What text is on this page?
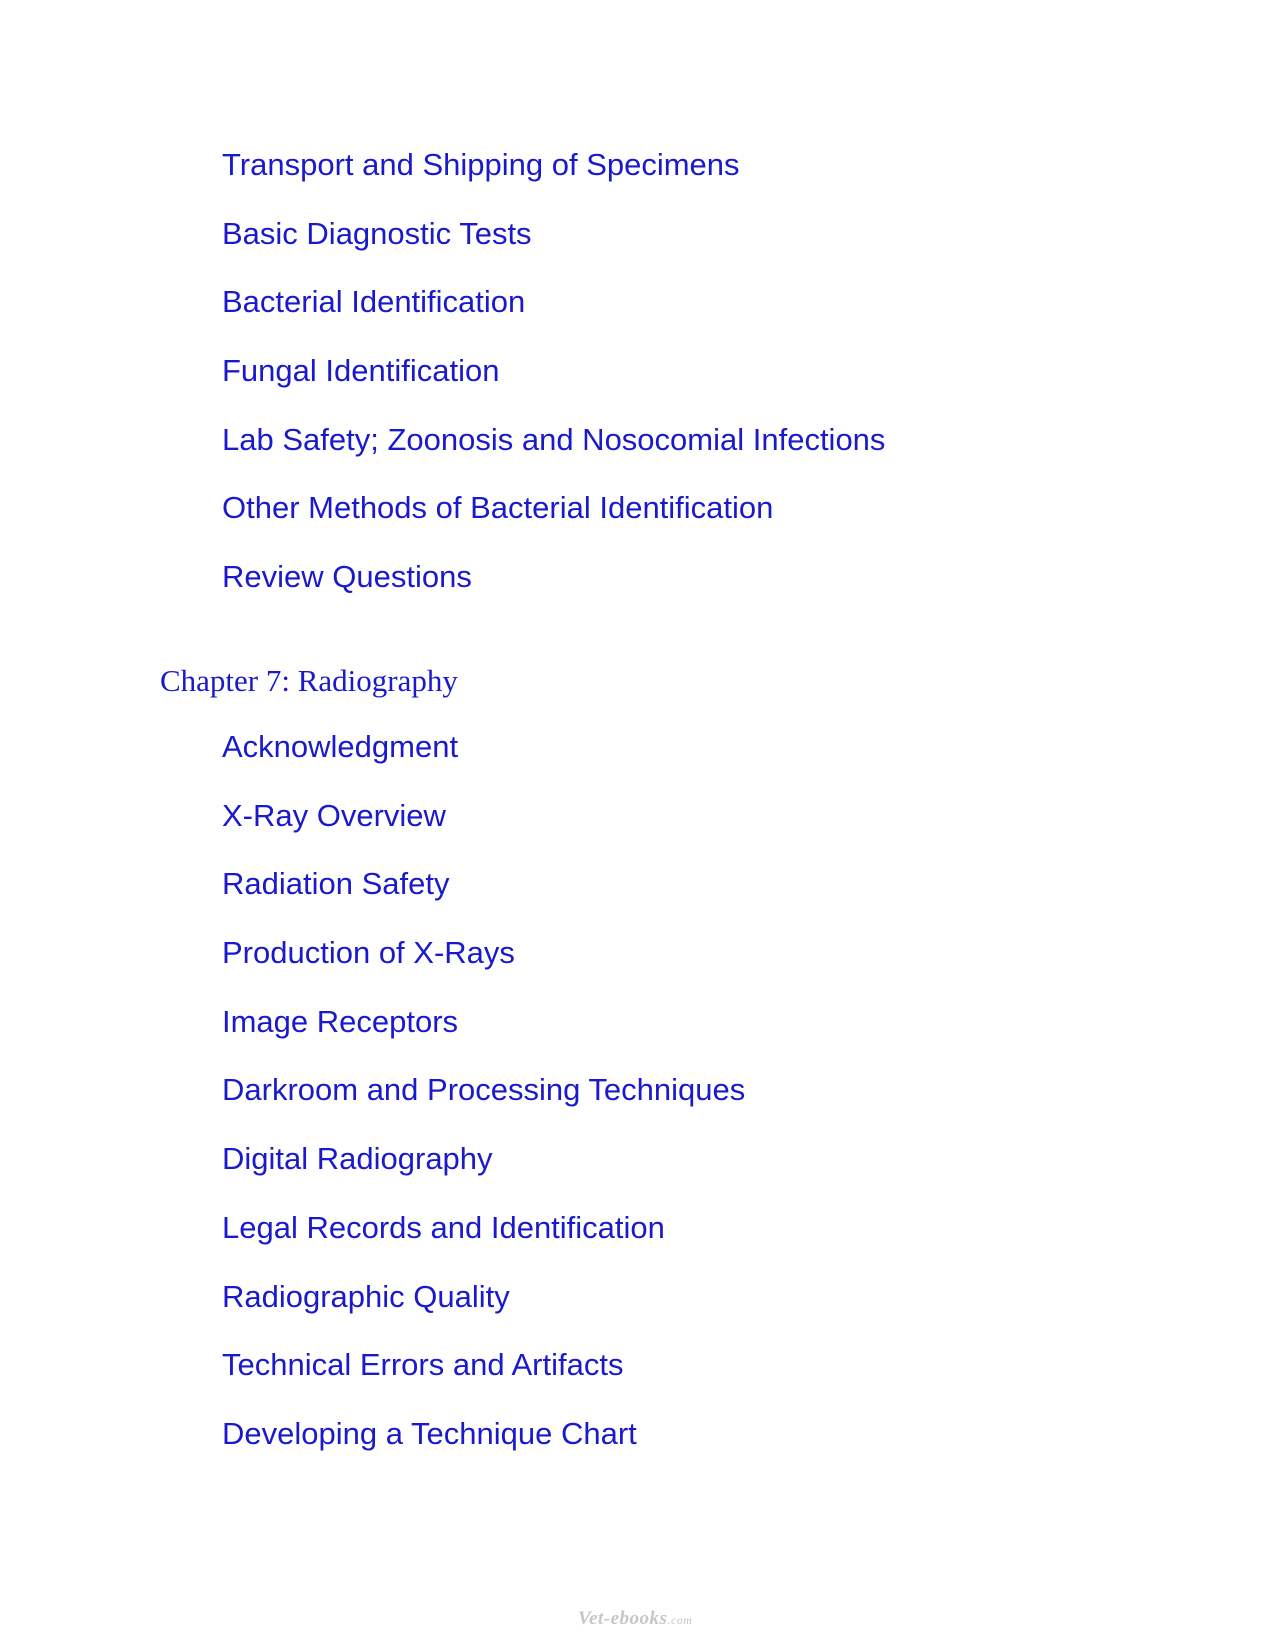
Transport and Shipping of Specimens
Basic Diagnostic Tests
Bacterial Identification
Fungal Identification
Lab Safety; Zoonosis and Nosocomial Infections
Other Methods of Bacterial Identification
Review Questions
Chapter 7: Radiography
Acknowledgment
X-Ray Overview
Radiation Safety
Production of X-Rays
Image Receptors
Darkroom and Processing Techniques
Digital Radiography
Legal Records and Identification
Radiographic Quality
Technical Errors and Artifacts
Developing a Technique Chart
Vet-ebooks.com
